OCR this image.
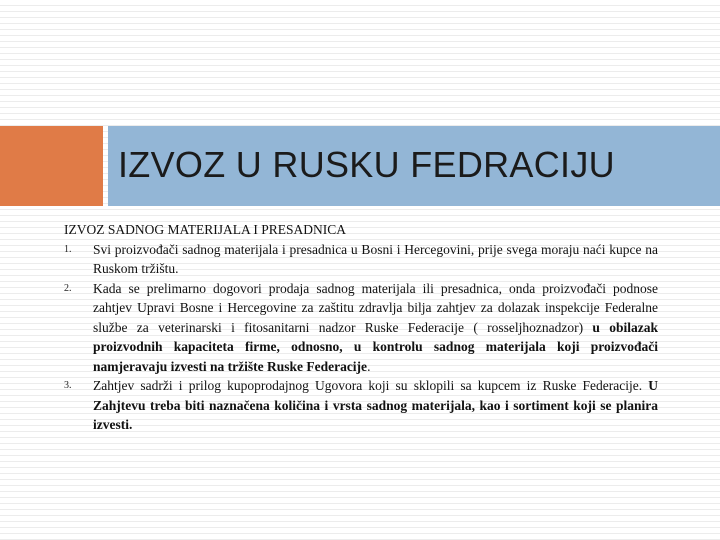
IZVOZ U RUSKU FEDRACIJU

IZVOZ SADNOG MATERIJALA I PRESADNICA

1. Svi proizvođači sadnog materijala i presadnica u Bosni i Hercegovini, prije svega moraju naći kupce na Ruskom tržištu.
2. Kada se prelimarno dogovori prodaja sadnog materijala ili presadnica, onda proizvođači podnose zahtjev Upravi Bosne i Hercegovine za zaštitu zdravlja bilja zahtjev za dolazak inspekcije Federalne službe za veterinarski i fitosanitarni nadzor Ruske Federacije ( rosseljhoznadzor) u obilazak proizvodnih kapaciteta firme, odnosno, u kontrolu sadnog materijala koji proizvođači namjeravaju izvesti na tržište Ruske Federacije.
3. Zahtjev sadrži i prilog kupoprodajnog Ugovora koji su sklopili sa kupcem iz Ruske Federacije. U Zahjtevu treba biti naznačena količina i vrsta sadnog materijala, kao i sortiment koji se planira izvesti.
